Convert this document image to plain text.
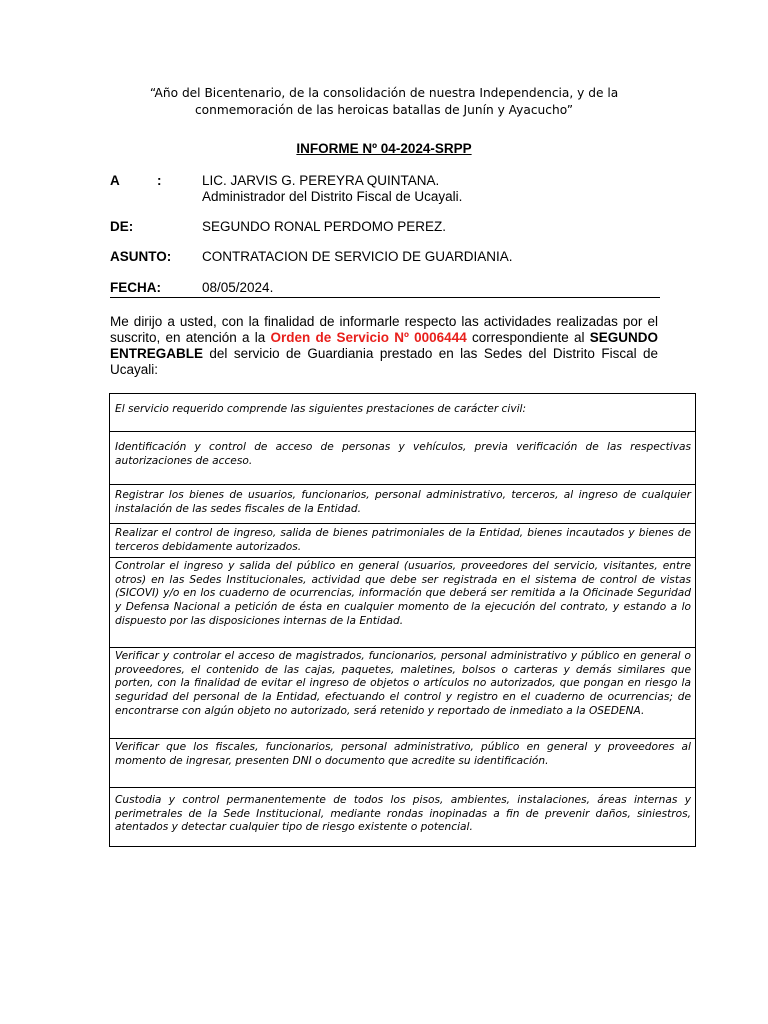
“Año del Bicentenario, de la consolidación de nuestra Independencia, y de la conmemoración de las heroicas batallas de Junín y Ayacucho”
INFORME Nº 04-2024-SRPP
A	:	LIC. JARVIS G. PEREYRA QUINTANA.
Administrador del Distrito Fiscal de Ucayali.
DE:	SEGUNDO RONAL PERDOMO PEREZ.
ASUNTO: CONTRATACION DE SERVICIO DE GUARDIANIA.
FECHA:	08/05/2024.
Me dirijo a usted, con la finalidad de informarle respecto las actividades realizadas por el suscrito, en atención a la Orden de Servicio Nº 0006444 correspondiente al SEGUNDO ENTREGABLE del servicio de Guardiania prestado en las Sedes del Distrito Fiscal de Ucayali:
El servicio requerido comprende las siguientes prestaciones de carácter civil:
Identificación y control de acceso de personas y vehículos, previa verificación de las respectivas autorizaciones de acceso.
Registrar los bienes de usuarios, funcionarios, personal administrativo, terceros, al ingreso de cualquier instalación de las sedes fiscales de la Entidad.
Realizar el control de ingreso, salida de bienes patrimoniales de la Entidad, bienes incautados y bienes de terceros debidamente autorizados.
Controlar el ingreso y salida del público en general (usuarios, proveedores del servicio, visitantes, entre otros) en las Sedes Institucionales, actividad que debe ser registrada en el sistema de control de vistas (SICOVI) y/o en los cuaderno de ocurrencias, información que deberá ser remitida a la Oficinade Seguridad y Defensa Nacional a petición de ésta en cualquier momento de la ejecución del contrato, y estando a lo dispuesto por las disposiciones internas de la Entidad.
Verificar y controlar el acceso de magistrados, funcionarios, personal administrativo y público en general o proveedores, el contenido de las cajas, paquetes, maletines, bolsos o carteras y demás similares que porten, con la finalidad de evitar el ingreso de objetos o artículos no autorizados, que pongan en riesgo la seguridad del personal de la Entidad, efectuando el control y registro en el cuaderno de ocurrencias; de encontrarse con algún objeto no autorizado, será retenido y reportado de inmediato a la OSEDENA.
Verificar que los fiscales, funcionarios, personal administrativo, público en general y proveedores al momento de ingresar, presenten DNI o documento que acredite su identificación.
Custodia y control permanentemente de todos los pisos, ambientes, instalaciones, áreas internas y perimetrales de la Sede Institucional, mediante rondas inopinadas a fin de prevenir daños, siniestros, atentados y detectar cualquier tipo de riesgo existente o potencial.
